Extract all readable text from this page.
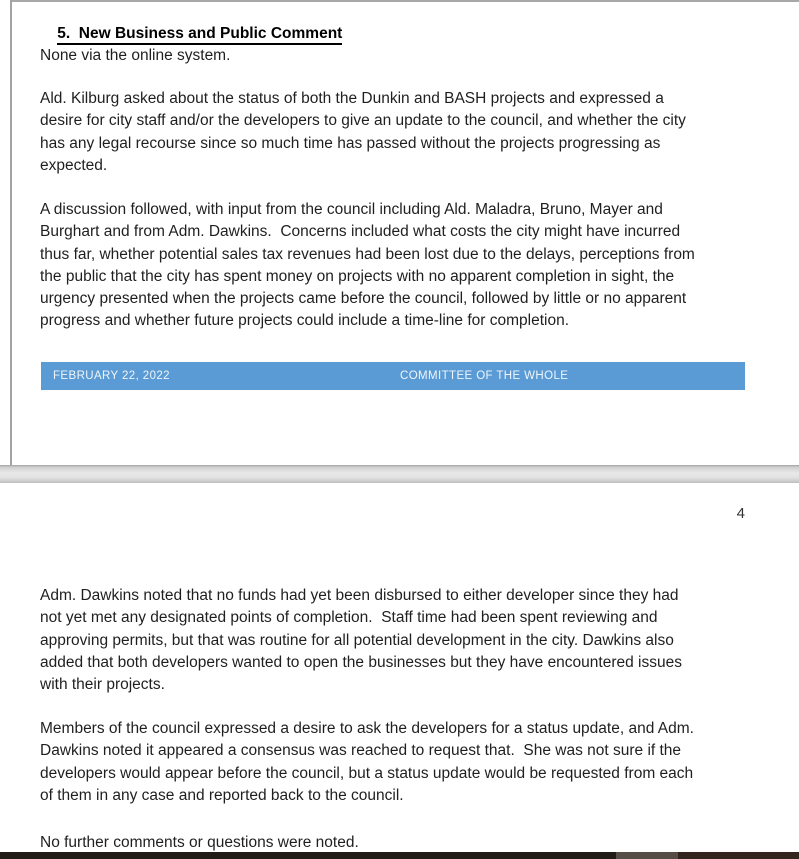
5.  New Business and Public Comment

None via the online system.
Ald. Kilburg asked about the status of both the Dunkin and BASH projects and expressed a
desire for city staff and/or the developers to give an update to the council, and whether the city
has any legal recourse since so much time has passed without the projects progressing as
expected.
A discussion followed, with input from the council including Ald. Maladra, Bruno, Mayer and
Burghart and from Adm. Dawkins.  Concerns included what costs the city might have incurred
thus far, whether potential sales tax revenues had been lost due to the delays, perceptions from
the public that the city has spent money on projects with no apparent completion in sight, the
urgency presented when the projects came before the council, followed by little or no apparent
progress and whether future projects could include a time-line for completion.
FEBRUARY 22, 2022	COMMITTEE OF THE WHOLE
4
Adm. Dawkins noted that no funds had yet been disbursed to either developer since they had
not yet met any designated points of completion.  Staff time had been spent reviewing and
approving permits, but that was routine for all potential development in the city. Dawkins also
added that both developers wanted to open the businesses but they have encountered issues
with their projects.
Members of the council expressed a desire to ask the developers for a status update, and Adm.
Dawkins noted it appeared a consensus was reached to request that.  She was not sure if the
developers would appear before the council, but a status update would be requested from each
of them in any case and reported back to the council.
No further comments or questions were noted.
